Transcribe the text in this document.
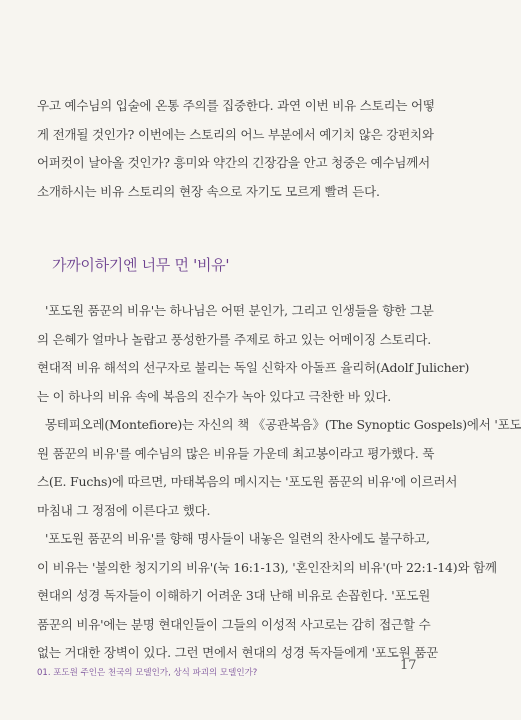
우고 예수님의 입술에 온통 주의를 집중한다. 과연 이번 비유 스토리는 어떻
게 전개될 것인가? 이번에는 스토리의 어느 부분에서 예기치 않은 강펀치와
어퍼컷이 날아올 것인가? 흥미와 약간의 긴장감을 안고 청중은 예수님께서
소개하시는 비유 스토리의 현장 속으로 자기도 모르게 빨려 든다.

가까이하기엔 너무 먼 '비유'

'포도원 품꾼의 비유'는 하나님은 어떤 분인가, 그리고 인생들을 향한 그분
의 은혜가 얼마나 놀랍고 풍성한가를 주제로 하고 있는 어메이징 스토리다.
현대적 비유 해석의 선구자로 불리는 독일 신학자 아돌프 율리허(Adolf Julicher)
는 이 하나의 비유 속에 복음의 진수가 녹아 있다고 극찬한 바 있다.
몽테피오레(Montefiore)는 자신의 책 《공관복음》(The Synoptic Gospels)에서 '포도
원 품꾼의 비유'를 예수님의 많은 비유들 가운데 최고봉이라고 평가했다. 푹
스(E. Fuchs)에 따르면, 마태복음의 메시지는 '포도원 품꾼의 비유'에 이르러서
마침내 그 정점에 이른다고 했다.
'포도원 품꾼의 비유'를 향해 명사들이 내놓은 일련의 찬사에도 불구하고,
이 비유는 '불의한 청지기의 비유'(눅 16:1-13), '혼인잔치의 비유'(마 22:1-14)와 함께
현대의 성경 독자들이 이해하기 어려운 3대 난해 비유로 손꼽힌다. '포도원
품꾼의 비유'에는 분명 현대인들이 그들의 이성적 사고로는 감히 접근할 수
없는 거대한 장벽이 있다. 그런 면에서 현대의 성경 독자들에게 '포도원 품꾼

01. 포도원 주인은 천국의 모델인가, 상식 파괴의 모델인가?	17
